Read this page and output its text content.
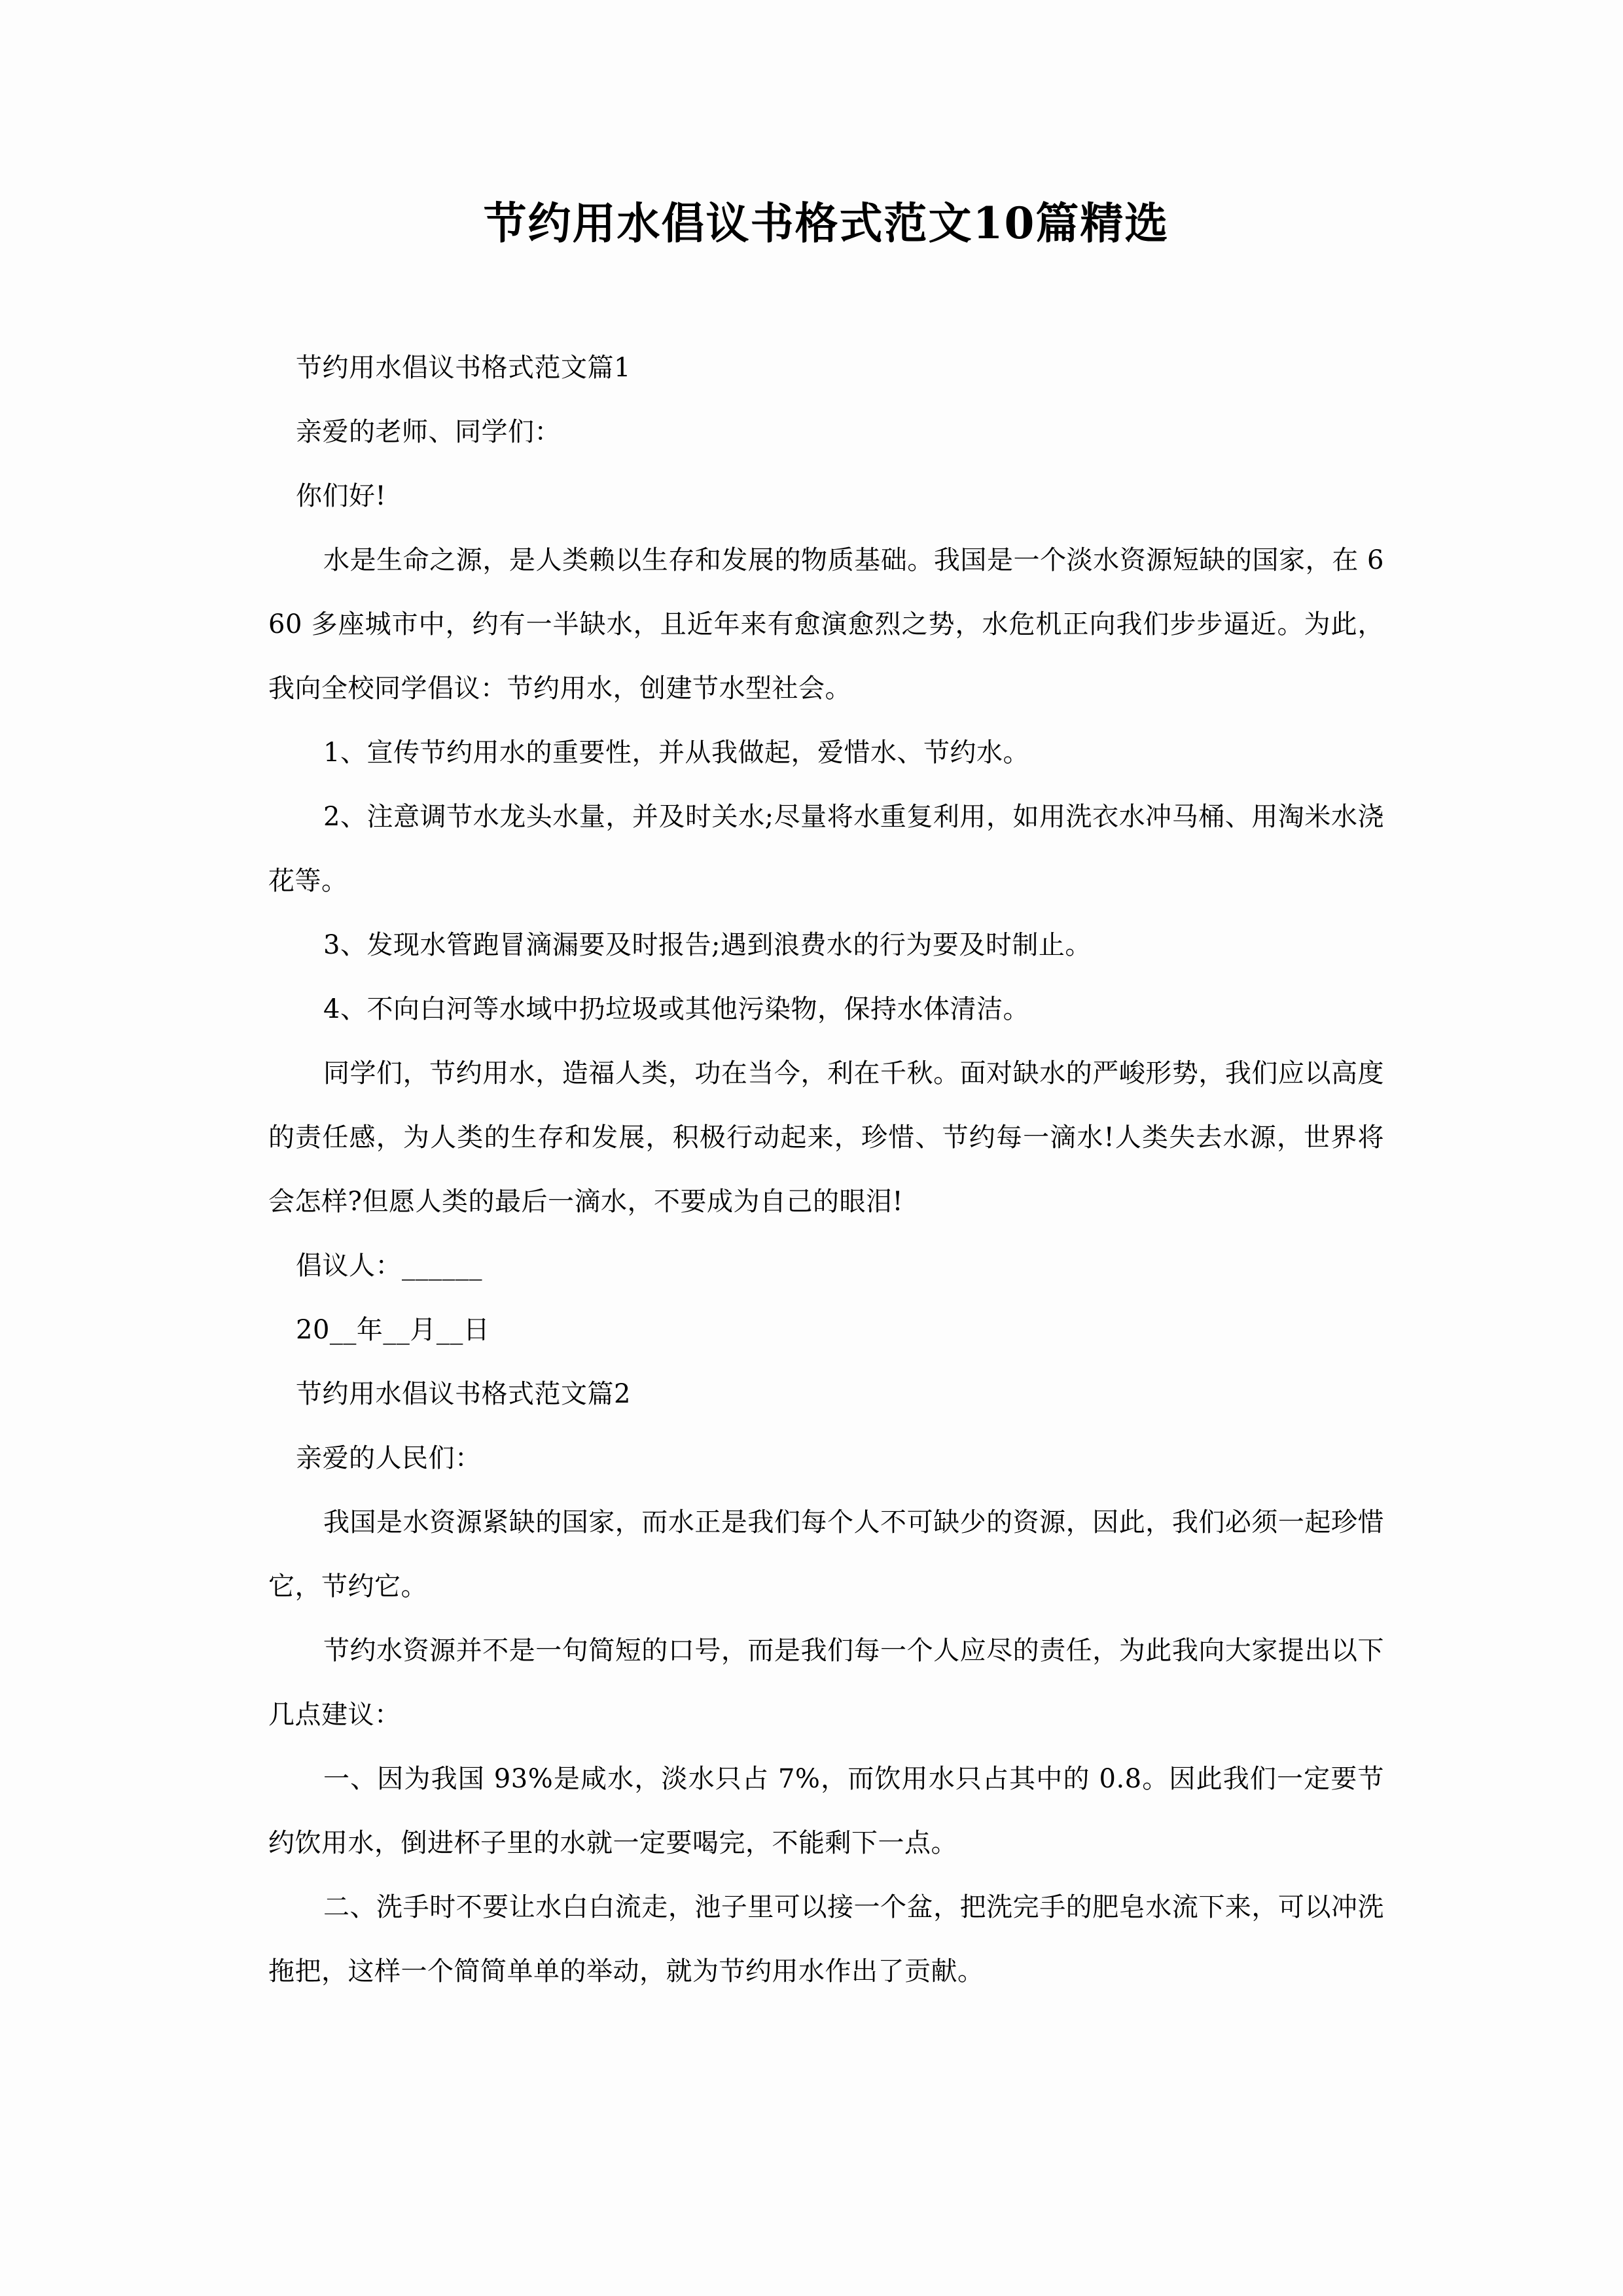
节约用水倡议书格式范文10篇精选

节约用水倡议书格式范文篇1

亲爱的老师、同学们：

你们好!

水是生命之源，是人类赖以生存和发展的物质基础。我国是一个淡水资源短缺的国家，在 660 多座城市中，约有一半缺水，且近年来有愈演愈烈之势，水危机正向我们步步逼近。为此，我向全校同学倡议：节约用水，创建节水型社会。

1、宣传节约用水的重要性，并从我做起，爱惜水、节约水。

2、注意调节水龙头水量，并及时关水;尽量将水重复利用，如用洗衣水冲马桶、用淘米水浇花等。

3、发现水管跑冒滴漏要及时报告;遇到浪费水的行为要及时制止。

4、不向白河等水域中扔垃圾或其他污染物，保持水体清洁。

同学们，节约用水，造福人类，功在当今，利在千秋。面对缺水的严峻形势，我们应以高度的责任感，为人类的生存和发展，积极行动起来，珍惜、节约每一滴水!人类失去水源，世界将会怎样?但愿人类的最后一滴水，不要成为自己的眼泪!

倡议人：______

20__年__月__日

节约用水倡议书格式范文篇2

亲爱的人民们：

我国是水资源紧缺的国家，而水正是我们每个人不可缺少的资源，因此，我们必须一起珍惜它，节约它。

节约水资源并不是一句简短的口号，而是我们每一个人应尽的责任，为此我向大家提出以下几点建议：

一、因为我国 93%是咸水，淡水只占 7%，而饮用水只占其中的 0.8。因此我们一定要节约饮用水，倒进杯子里的水就一定要喝完，不能剩下一点。

二、洗手时不要让水白白流走，池子里可以接一个盆，把洗完手的肥皂水流下来，可以冲洗拖把，这样一个简简单单的举动，就为节约用水作出了贡献。
